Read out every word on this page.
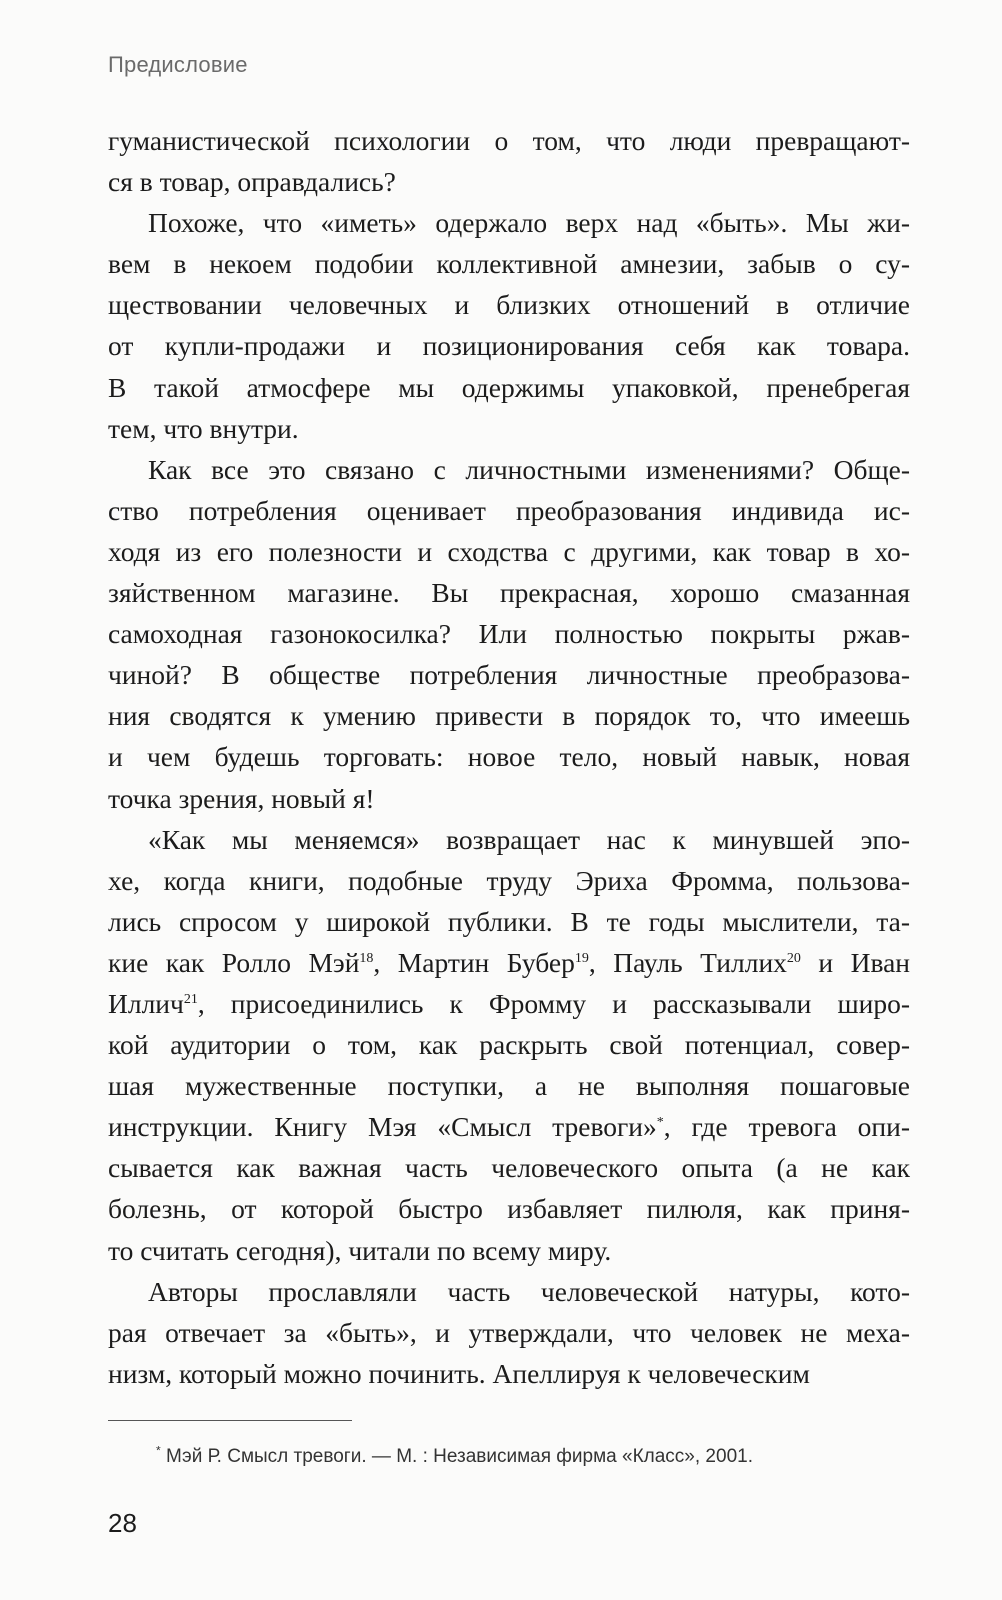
Предисловие

гуманистической психологии о том, что люди превращают-
ся в товар, оправдались?

Похоже, что «иметь» одержало верх над «быть». Мы жи-
вем в некоем подобии коллективной амнезии, забыв о су-
ществовании человечных и близких отношений в отличие
от купли-продажи и позиционирования себя как товара.
В такой атмосфере мы одержимы упаковкой, пренебрегая
тем, что внутри.

Как все это связано с личностными изменениями? Обще-
ство потребления оценивает преобразования индивида ис-
ходя из его полезности и сходства с другими, как товар в хо-
зяйственном магазине. Вы прекрасная, хорошо смазанная
самоходная газонокосилка? Или полностью покрыты ржав-
чиной? В обществе потребления личностные преобразова-
ния сводятся к умению привести в порядок то, что имеешь
и чем будешь торговать: новое тело, новый навык, новая
точка зрения, новый я!

«Как мы меняемся» возвращает нас к минувшей эпо-
хе, когда книги, подобные труду Эриха Фромма, пользова-
лись спросом у широкой публики. В те годы мыслители, та-
кие как Ролло Мэй$^{18}$, Мартин Бубер$^{19}$, Пауль Тиллих$^{20}$ и Иван
Иллич$^{21}$, присоединились к Фромму и рассказывали широ-
кой аудитории о том, как раскрыть свой потенциал, совер-
шая мужественные поступки, а не выполняя пошаговые
инструкции. Книгу Мэя «Смысл тревоги»*, где тревога опи-
сывается как важная часть человеческого опыта (а не как
болезнь, от которой быстро избавляет пилюля, как приня-
то считать сегодня), читали по всему миру.

Авторы прославляли часть человеческой натуры, кото-
рая отвечает за «быть», и утверждали, что человек не меха-
низм, который можно починить. Апеллируя к человеческим

* Мэй Р. Смысл тревоги. — М. : Независимая фирма «Класс», 2001.
28
